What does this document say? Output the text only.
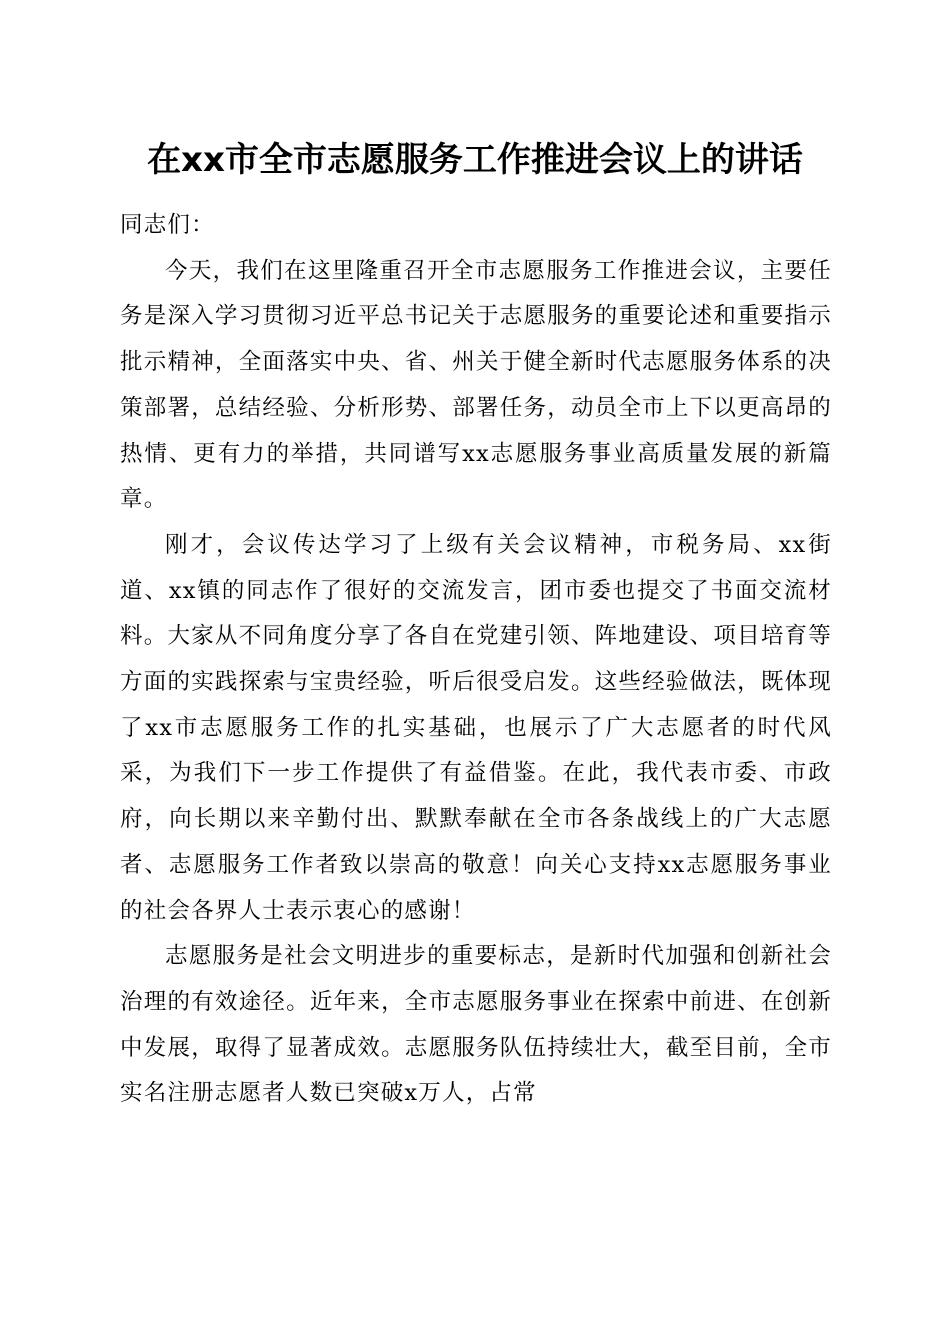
在xx市全市志愿服务工作推进会议上的讲话

同志们：

今天，我们在这里隆重召开全市志愿服务工作推进会议，主要任务是深入学习贯彻习近平总书记关于志愿服务的重要论述和重要指示批示精神，全面落实中央、省、州关于健全新时代志愿服务体系的决策部署，总结经验、分析形势、部署任务，动员全市上下以更高昂的热情、更有力的举措，共同谱写xx志愿服务事业高质量发展的新篇章。

刚才，会议传达学习了上级有关会议精神，市税务局、xx街道、xx镇的同志作了很好的交流发言，团市委也提交了书面交流材料。大家从不同角度分享了各自在党建引领、阵地建设、项目培育等方面的实践探索与宝贵经验，听后很受启发。这些经验做法，既体现了xx市志愿服务工作的扎实基础，也展示了广大志愿者的时代风采，为我们下一步工作提供了有益借鉴。在此，我代表市委、市政府，向长期以来辛勤付出、默默奉献在全市各条战线上的广大志愿者、志愿服务工作者致以崇高的敬意！向关心支持xx志愿服务事业的社会各界人士表示衷心的感谢！

志愿服务是社会文明进步的重要标志，是新时代加强和创新社会治理的有效途径。近年来，全市志愿服务事业在探索中前进、在创新中发展，取得了显著成效。志愿服务队伍持续壮大，截至目前，全市实名注册志愿者人数已突破x万人，占常
